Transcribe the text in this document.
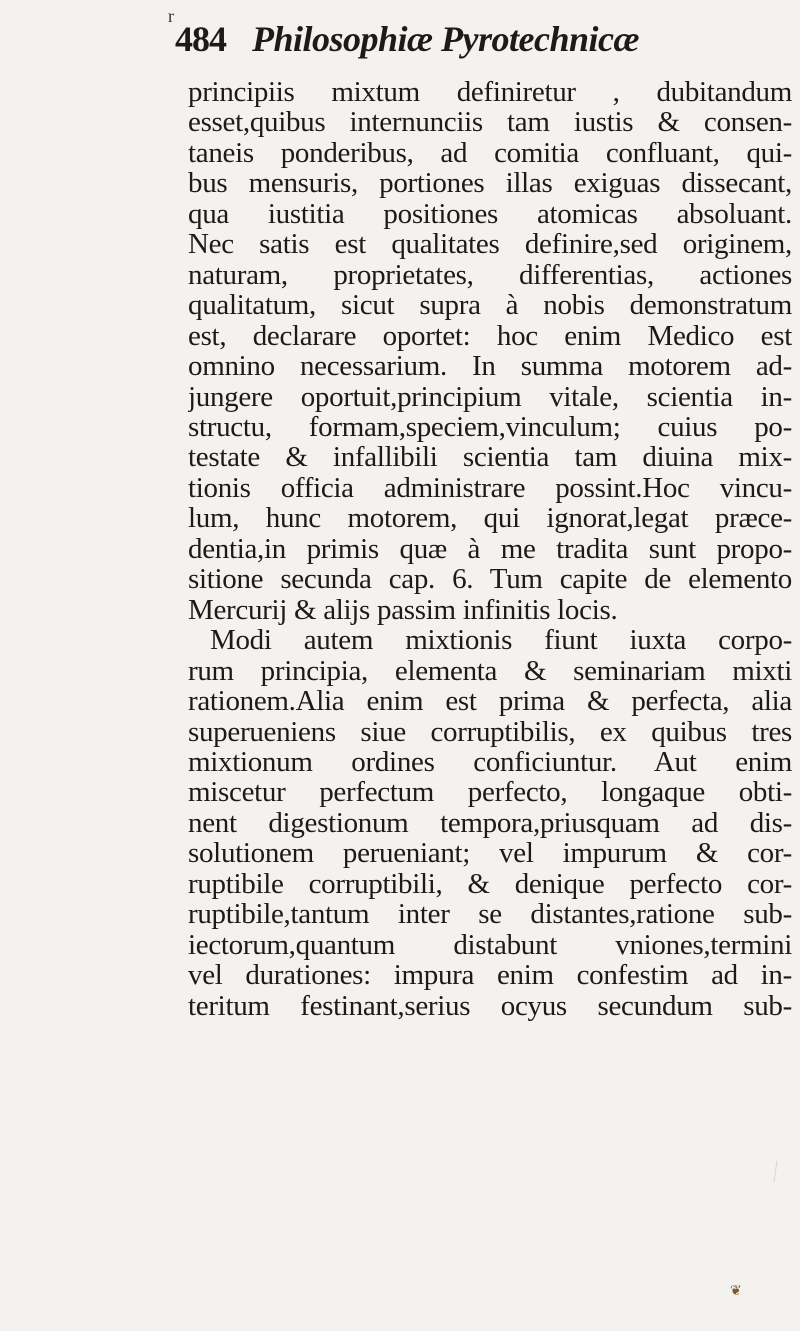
r
484 Philosophiæ Pyrotechnicæ
principiis mixtum definiretur , dubitandum
esset,quibus internunciis tam iustis & consen-
taneis ponderibus, ad comitia confluant, qui-
bus mensuris, portiones illas exiguas dissecant,
qua iustitia positiones atomicas absoluant.
Nec satis est qualitates definire,sed originem,
naturam, proprietates, differentias, actiones
qualitatum, sicut supra à nobis demonstratum
est, declarare oportet: hoc enim Medico est
omnino necessarium. In summa motorem ad-
jungere oportuit,principium vitale, scientia in-
structu, formam,speciem,vinculum; cuius po-
testate & infallibili scientia tam diuina mix-
tionis officia administrare possint.Hoc vincu-
lum, hunc motorem, qui ignorat,legat præce-
dentia,in primis quæ à me tradita sunt propo-
sitione secunda cap. 6. Tum capite de elemento
Mercurij & alijs passim infinitis locis.
Modi autem mixtionis fiunt iuxta corpo-
rum principia, elementa & seminariam mixti
rationem.Alia enim est prima & perfecta, alia
superueniens siue corruptibilis, ex quibus tres
mixtionum ordines conficiuntur. Aut enim
miscetur perfectum perfecto, longaque obti-
nent digestionum tempora,priusquam ad dis-
solutionem perueniant; vel impurum & cor-
ruptibile corruptibili, & denique perfecto cor-
ruptibile,tantum inter se distantes,ratione sub-
iectorum,quantum distabunt vniones,termini
vel durationes: impura enim confestim ad in-
teritum festinant,serius ocyus secundum sub-
❦
